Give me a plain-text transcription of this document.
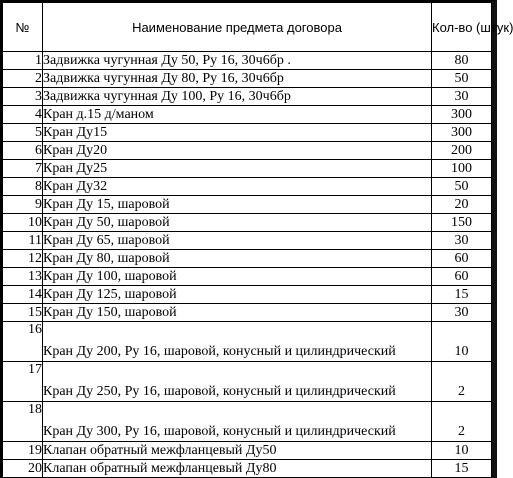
№	Наименование предмета договора	Кол-во (штук)
1	Задвижка чугунная Ду 50, Ру 16, 30ч6бр .	80
2	Задвижка чугунная Ду 80, Ру 16, 30ч6бр	50
3	Задвижка чугунная Ду 100, Ру 16, 30ч6бр	30
4	Кран д.15 д/маном	300
5	Кран Ду15	300
6	Кран Ду20	200
7	Кран Ду25	100
8	Кран Ду32	50
9	Кран Ду 15, шаровой	20
10	Кран Ду 50, шаровой	150
11	Кран Ду 65, шаровой	30
12	Кран Ду 80, шаровой	60
13	Кран Ду 100, шаровой	60
14	Кран Ду 125, шаровой	15
15	Кран Ду 150, шаровой	30
16	Кран Ду 200, Ру 16, шаровой, конусный и цилиндрический	10
17	Кран Ду 250, Ру 16, шаровой, конусный и цилиндрический	2
18	Кран Ду 300, Ру 16, шаровой, конусный и цилиндрический	2
19	Клапан обратный межфланцевый Ду50	10
20	Клапан обратный межфланцевый Ду80	15
